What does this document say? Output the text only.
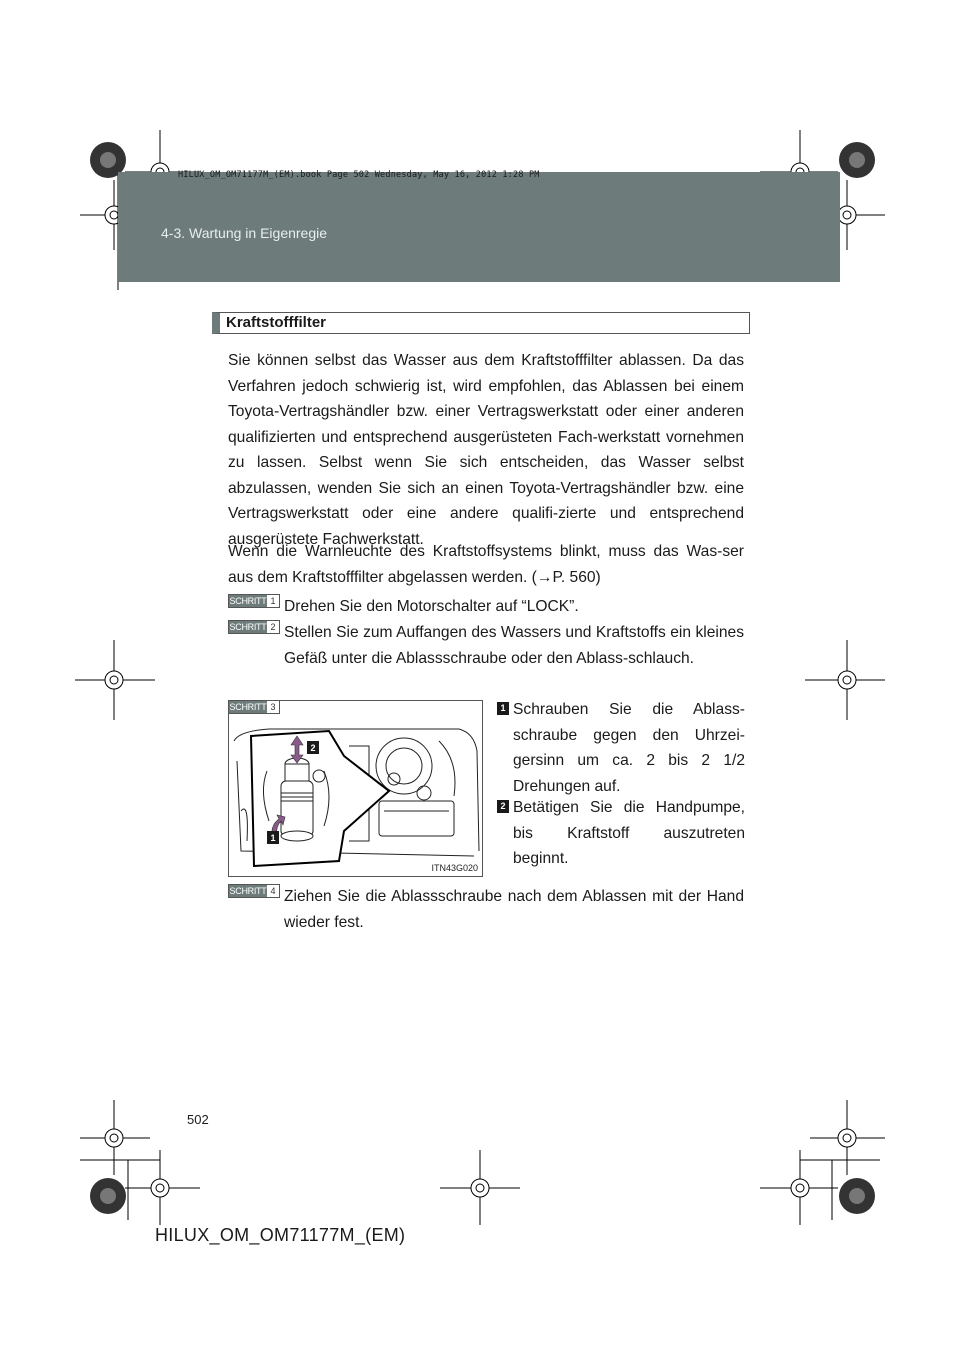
HILUX_OM_OM71177M_(EM).book Page 502 Wednesday, May 16, 2012 1:28 PM
4-3. Wartung in Eigenregie
Kraftstofffilter

Sie können selbst das Wasser aus dem Kraftstofffilter ablassen. Da das Verfahren jedoch schwierig ist, wird empfohlen, das Ablassen bei einem Toyota-Vertragshändler bzw. einer Vertragswerkstatt oder einer anderen qualifizierten und entsprechend ausgerüsteten Fach-werkstatt vornehmen zu lassen. Selbst wenn Sie sich entscheiden, das Wasser selbst abzulassen, wenden Sie sich an einen Toyota-Vertragshändler bzw. eine Vertragswerkstatt oder eine andere qualifi-zierte und entsprechend ausgerüstete Fachwerkstatt.

Wenn die Warnleuchte des Kraftstoffsystems blinkt, muss das Was-ser aus dem Kraftstofffilter abgelassen werden. (→P. 560)

SCHRITT 1 Drehen Sie den Motorschalter auf “LOCK”.

SCHRITT 2 Stellen Sie zum Auffangen des Wassers und Kraftstoffs ein kleines Gefäß unter die Ablassschraube oder den Ablass-schlauch.

SCHRITT 3
2
1
ITN43G020
1 Schrauben Sie die Ablass-schraube gegen den Uhrzei-gersinn um ca. 2 bis 2 1/2 Drehungen auf.

2 Betätigen Sie die Handpumpe, bis Kraftstoff auszutreten beginnt.

SCHRITT 4 Ziehen Sie die Ablassschraube nach dem Ablassen mit der Hand wieder fest.

502
HILUX_OM_OM71177M_(EM)
